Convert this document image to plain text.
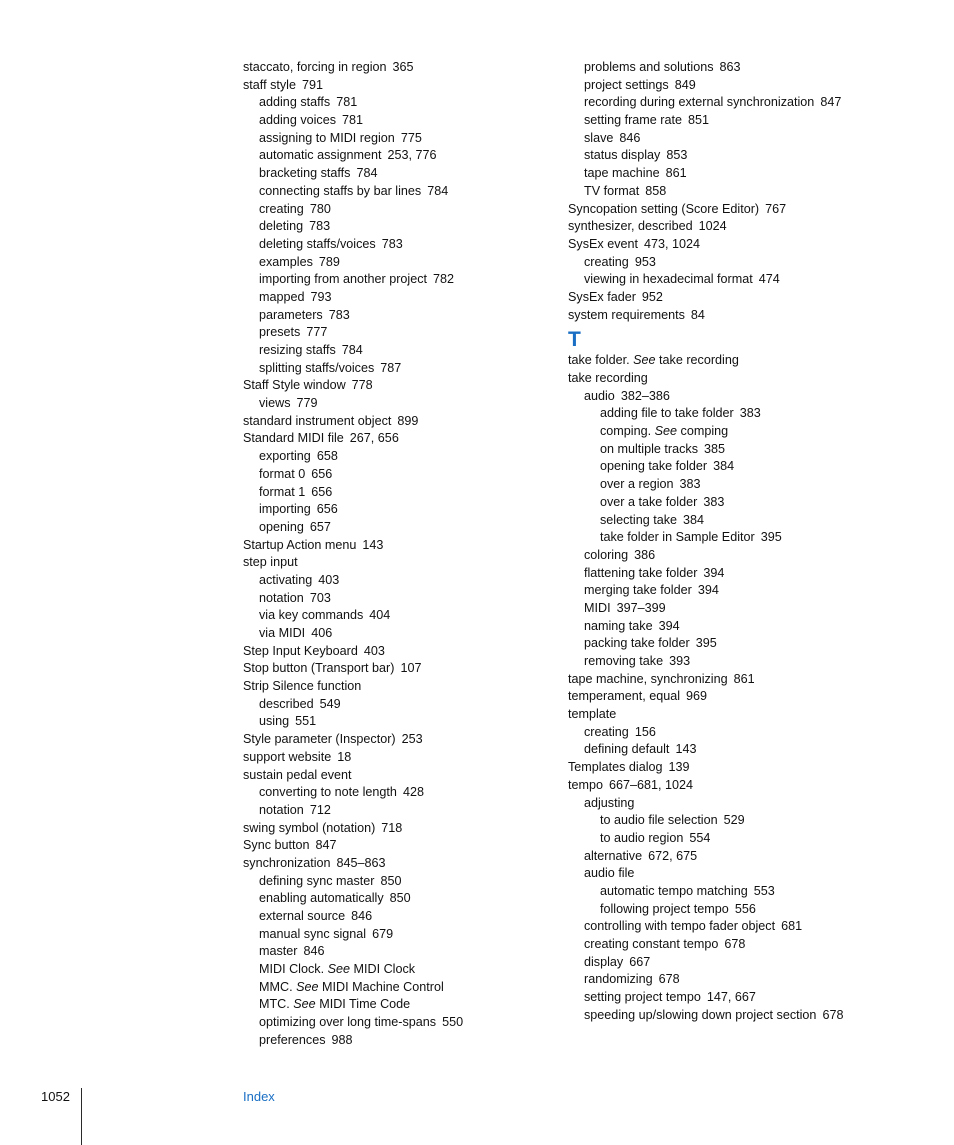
staccato, forcing in region 365
staff style 791
adding staffs 781
adding voices 781
assigning to MIDI region 775
automatic assignment 253, 776
bracketing staffs 784
connecting staffs by bar lines 784
creating 780
deleting 783
deleting staffs/voices 783
examples 789
importing from another project 782
mapped 793
parameters 783
presets 777
resizing staffs 784
splitting staffs/voices 787
Staff Style window 778
views 779
standard instrument object 899
Standard MIDI file 267, 656
exporting 658
format 0 656
format 1 656
importing 656
opening 657
Startup Action menu 143
step input
activating 403
notation 703
via key commands 404
via MIDI 406
Step Input Keyboard 403
Stop button (Transport bar) 107
Strip Silence function
described 549
using 551
Style parameter (Inspector) 253
support website 18
sustain pedal event
converting to note length 428
notation 712
swing symbol (notation) 718
Sync button 847
synchronization 845–863
defining sync master 850
enabling automatically 850
external source 846
manual sync signal 679
master 846
MIDI Clock. See MIDI Clock
MMC. See MIDI Machine Control
MTC. See MIDI Time Code
optimizing over long time-spans 550
preferences 988
problems and solutions 863
project settings 849
recording during external synchronization 847
setting frame rate 851
slave 846
status display 853
tape machine 861
TV format 858
Syncopation setting (Score Editor) 767
synthesizer, described 1024
SysEx event 473, 1024
creating 953
viewing in hexadecimal format 474
SysEx fader 952
system requirements 84
T
take folder. See take recording
take recording
audio 382–386
adding file to take folder 383
comping. See comping
on multiple tracks 385
opening take folder 384
over a region 383
over a take folder 383
selecting take 384
take folder in Sample Editor 395
coloring 386
flattening take folder 394
merging take folder 394
MIDI 397–399
naming take 394
packing take folder 395
removing take 393
tape machine, synchronizing 861
temperament, equal 969
template
creating 156
defining default 143
Templates dialog 139
tempo 667–681, 1024
adjusting
to audio file selection 529
to audio region 554
alternative 672, 675
audio file
automatic tempo matching 553
following project tempo 556
controlling with tempo fader object 681
creating constant tempo 678
display 667
randomizing 678
setting project tempo 147, 667
speeding up/slowing down project section 678
1052	Index
